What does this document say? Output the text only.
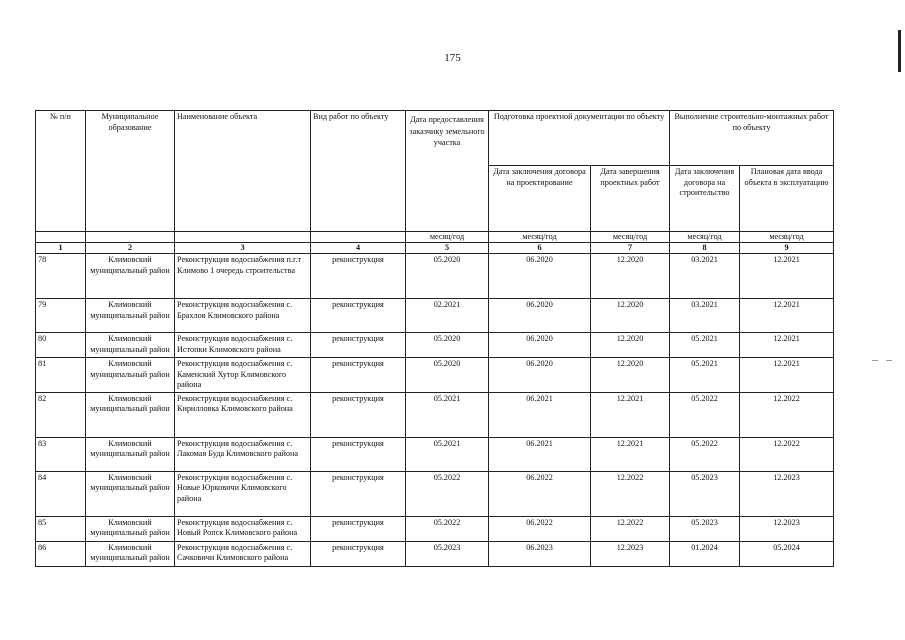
175
№ п/п	Муниципальное образование	Наименование объекта	Вид работ по объекту	Дата предоставления заказчику земельного участка	Подготовка проектной документации по объекту		Выполнение строительно-монтажных работ по объекту	
					Дата заключения договора на проектирование	Дата завершения проектных работ	Дата заключения договора на строительство	Плановая дата ввода объекта в эксплуатацию
				месяц/год	месяц/год	месяц/год	месяц/год	месяц/год
1	2	3	4	5	6	7	8	9
78	Климовский муниципальный район	Реконструкция водоснабжения п.г.т Климово 1 очередь строительства	реконструкция	05.2020	06.2020	12.2020	03.2021	12.2021
79	Климовский муниципальный район	Реконструкция водоснабжения с. Брахлов Климовского района	реконструкция	02.2021	06.2020	12.2020	03.2021	12.2021
80	Климовский муниципальный район	Реконструкция водоснабжения с. Истопки Климовского района	реконструкция	05.2020	06.2020	12.2020	05.2021	12.2021
81	Климовский муниципальный район	Реконструкция водоснабжения с. Каменский Хутор Климовского района	реконструкция	05.2020	06.2020	12.2020	05.2021	12.2021
82	Климовский муниципальный район	Реконструкция водоснабжения с. Кирилловка Климовского района	реконструкция	05.2021	06.2021	12.2021	05.2022	12.2022
83	Климовский муниципальный район	Реконструкция водоснабжения с. Лакомая Буда Климовского района	реконструкция	05.2021	06.2021	12.2021	05.2022	12.2022
84	Климовский муниципальный район	Реконструкция водоснабжения с. Новые Юрковичи Климовского района	реконструкция	05.2022	06.2022	12.2022	05.2023	12.2023
85	Климовский муниципальный район	Реконструкция водоснабжения с. Новый Ропск Климовского района	реконструкция	05.2022	06.2022	12.2022	05.2023	12.2023
86	Климовский муниципальный район	Реконструкция водоснабжения с. Сачковичи Климовского района	реконструкция	05.2023	06.2023	12.2023	01.2024	05.2024
